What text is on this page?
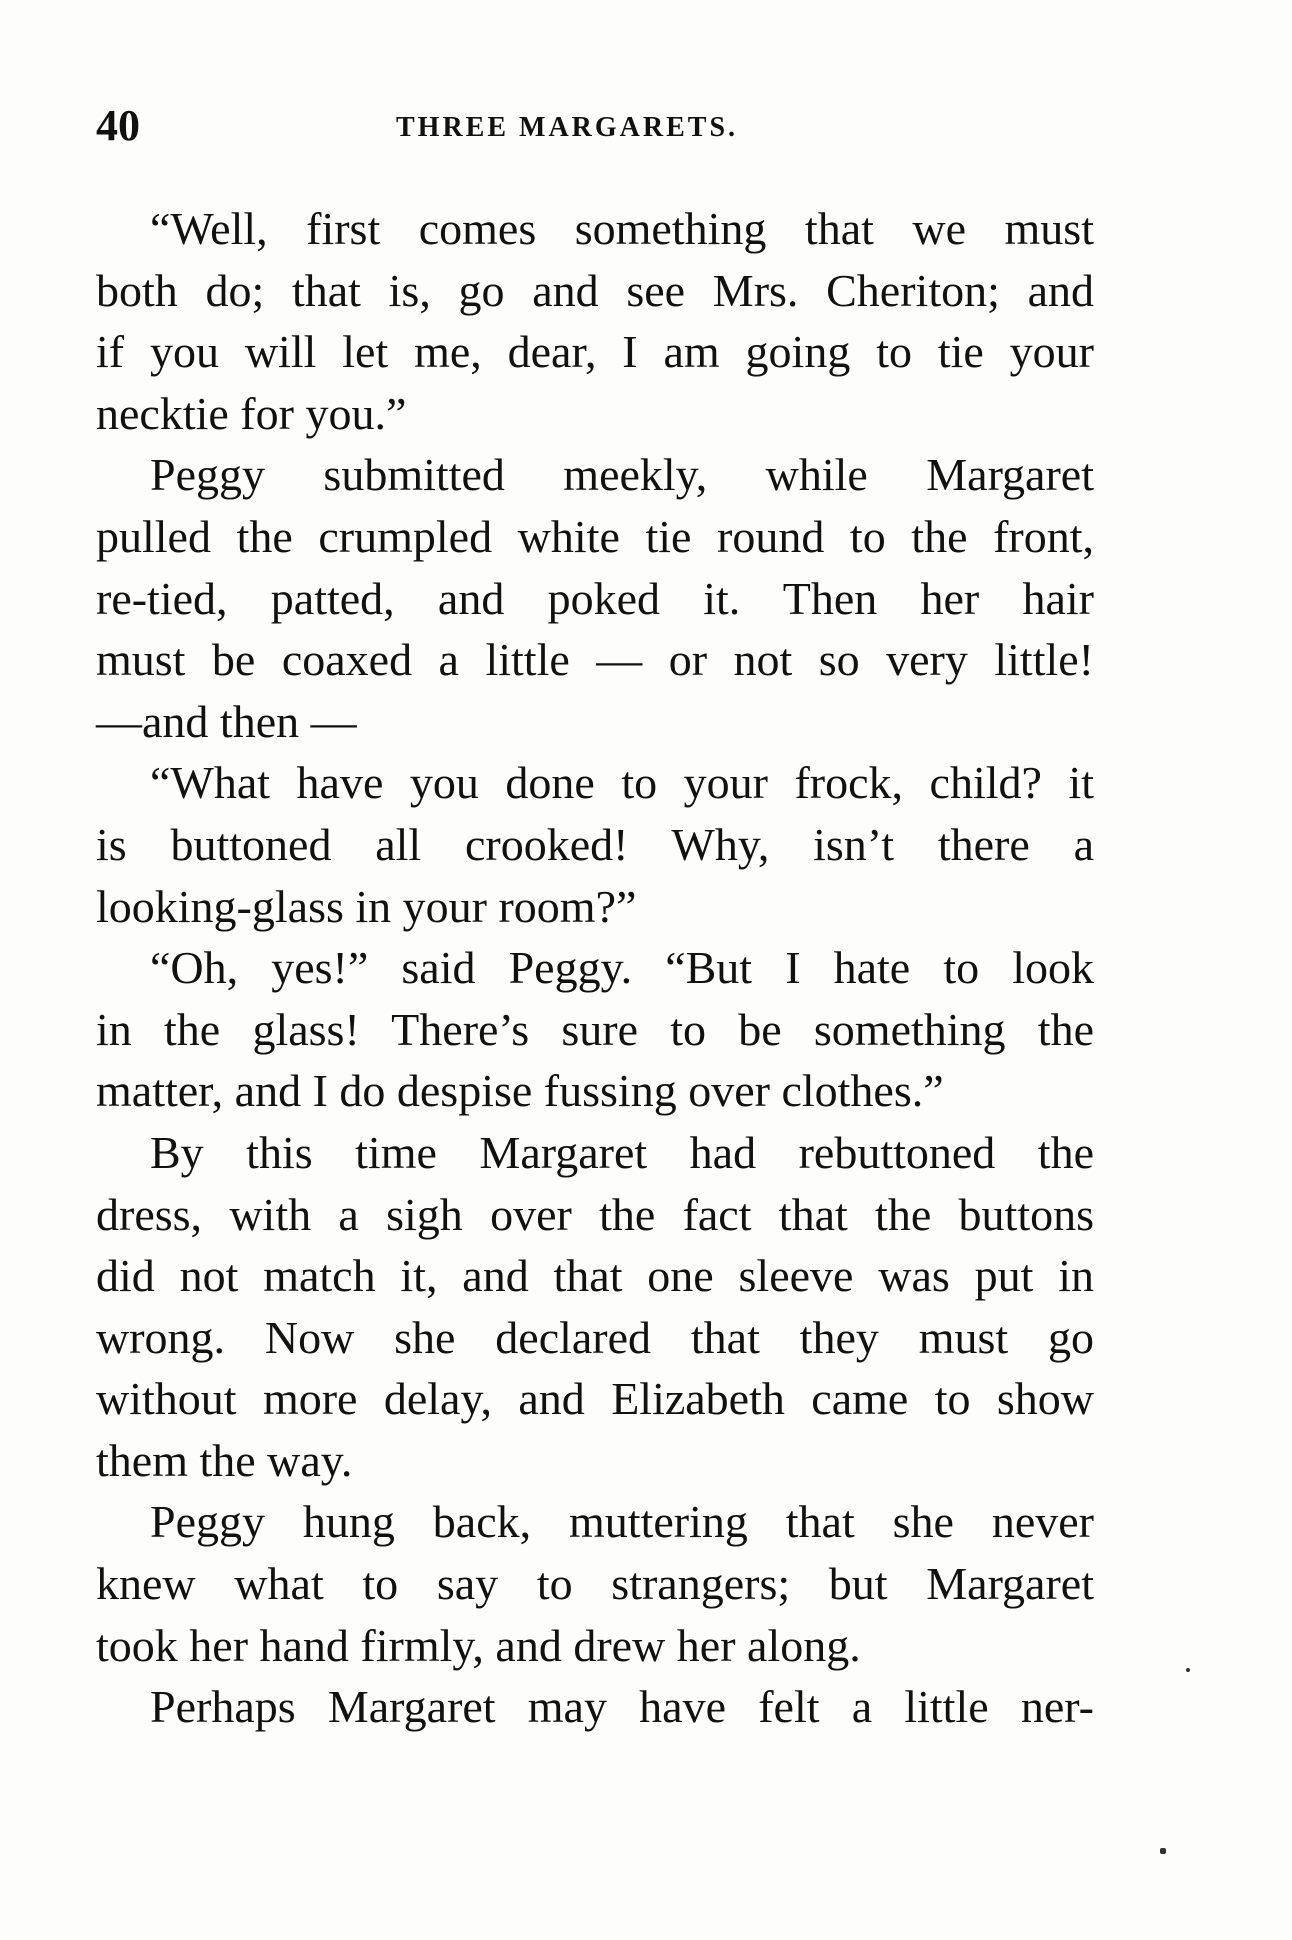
40	THREE MARGARETS.
“Well, first comes something that we must
both do; that is, go and see Mrs. Cheriton; and
if you will let me, dear, I am going to tie your
necktie for you.”
Peggy submitted meekly, while Margaret
pulled the crumpled white tie round to the front,
re-tied, patted, and poked it. Then her hair
must be coaxed a little — or not so very little!
—and then —
“What have you done to your frock, child? it
is buttoned all crooked! Why, isn’t there a
looking-glass in your room?”
“Oh, yes!” said Peggy. “But I hate to look
in the glass! There’s sure to be something the
matter, and I do despise fussing over clothes.”
By this time Margaret had rebuttoned the
dress, with a sigh over the fact that the buttons
did not match it, and that one sleeve was put in
wrong. Now she declared that they must go
without more delay, and Elizabeth came to show
them the way.
Peggy hung back, muttering that she never
knew what to say to strangers; but Margaret
took her hand firmly, and drew her along.
Perhaps Margaret may have felt a little ner-
